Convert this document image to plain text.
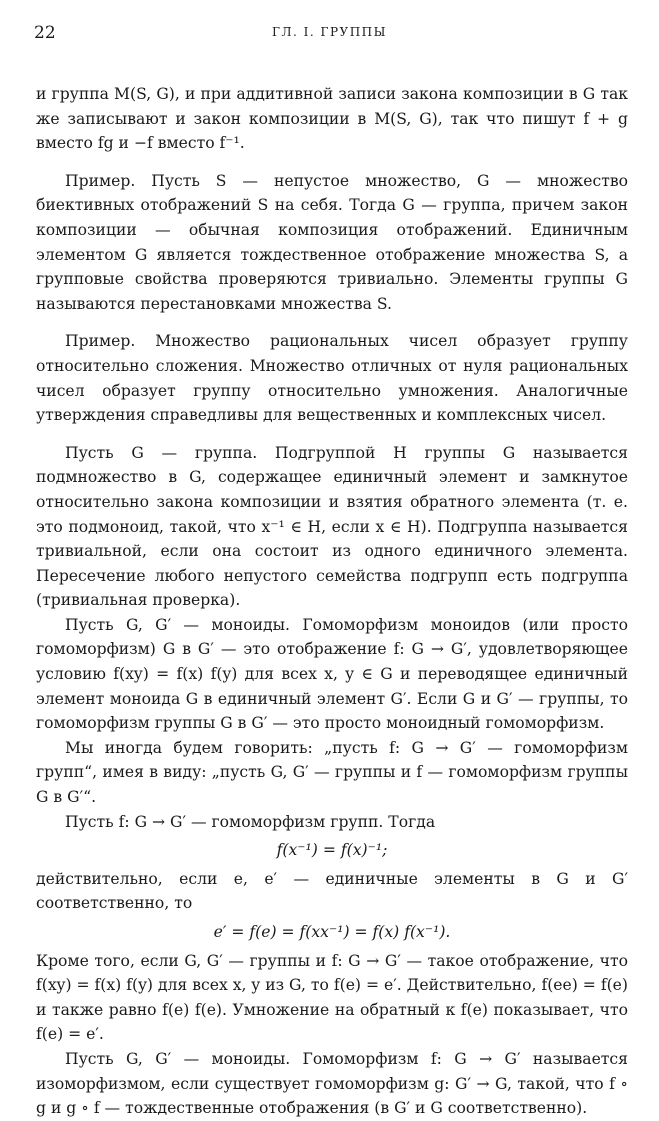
22	ГЛ. I. ГРУППЫ

и группа M(S, G), и при аддитивной записи закона композиции в G так же записывают и закон композиции в M(S, G), так что пишут f + g вместо fg и −f вместо f⁻¹.

Пример. Пусть S — непустое множество, G — множество биективных отображений S на себя. Тогда G — группа, причем закон композиции — обычная композиция отображений. Единичным элементом G является тождественное отображение множества S, а групповые свойства проверяются тривиально. Элементы группы G называются перестановками множества S.

Пример. Множество рациональных чисел образует группу относительно сложения. Множество отличных от нуля рациональных чисел образует группу относительно умножения. Аналогичные утверждения справедливы для вещественных и комплексных чисел.

Пусть G — группа. Подгруппой H группы G называется подмножество в G, содержащее единичный элемент и замкнутое относительно закона композиции и взятия обратного элемента (т. е. это подмоноид, такой, что x⁻¹ ∈ H, если x ∈ H). Подгруппа называется тривиальной, если она состоит из одного единичного элемента. Пересечение любого непустого семейства подгрупп есть подгруппа (тривиальная проверка).

Пусть G, G′ — моноиды. Гомоморфизм моноидов (или просто гомоморфизм) G в G′ — это отображение f: G → G′, удовлетворяющее условию f(xy) = f(x) f(y) для всех x, y ∈ G и переводящее единичный элемент моноида G в единичный элемент G′. Если G и G′ — группы, то гомоморфизм группы G в G′ — это просто моноидный гомоморфизм.

Мы иногда будем говорить: „пусть f: G → G′ — гомоморфизм групп“, имея в виду: „пусть G, G′ — группы и f — гомоморфизм группы G в G′“.

Пусть f: G → G′ — гомоморфизм групп. Тогда

f(x⁻¹) = f(x)⁻¹;

действительно, если e, e′ — единичные элементы в G и G′ соответственно, то

e′ = f(e) = f(xx⁻¹) = f(x) f(x⁻¹).

Кроме того, если G, G′ — группы и f: G → G′ — такое отображение, что f(xy) = f(x) f(y) для всех x, y из G, то f(e) = e′. Действительно, f(ee) = f(e) и также равно f(e) f(e). Умножение на обратный к f(e) показывает, что f(e) = e′.

Пусть G, G′ — моноиды. Гомоморфизм f: G → G′ называется изоморфизмом, если существует гомоморфизм g: G′ → G, такой, что f ∘ g и g ∘ f — тождественные отображения (в G′ и G соответственно).
